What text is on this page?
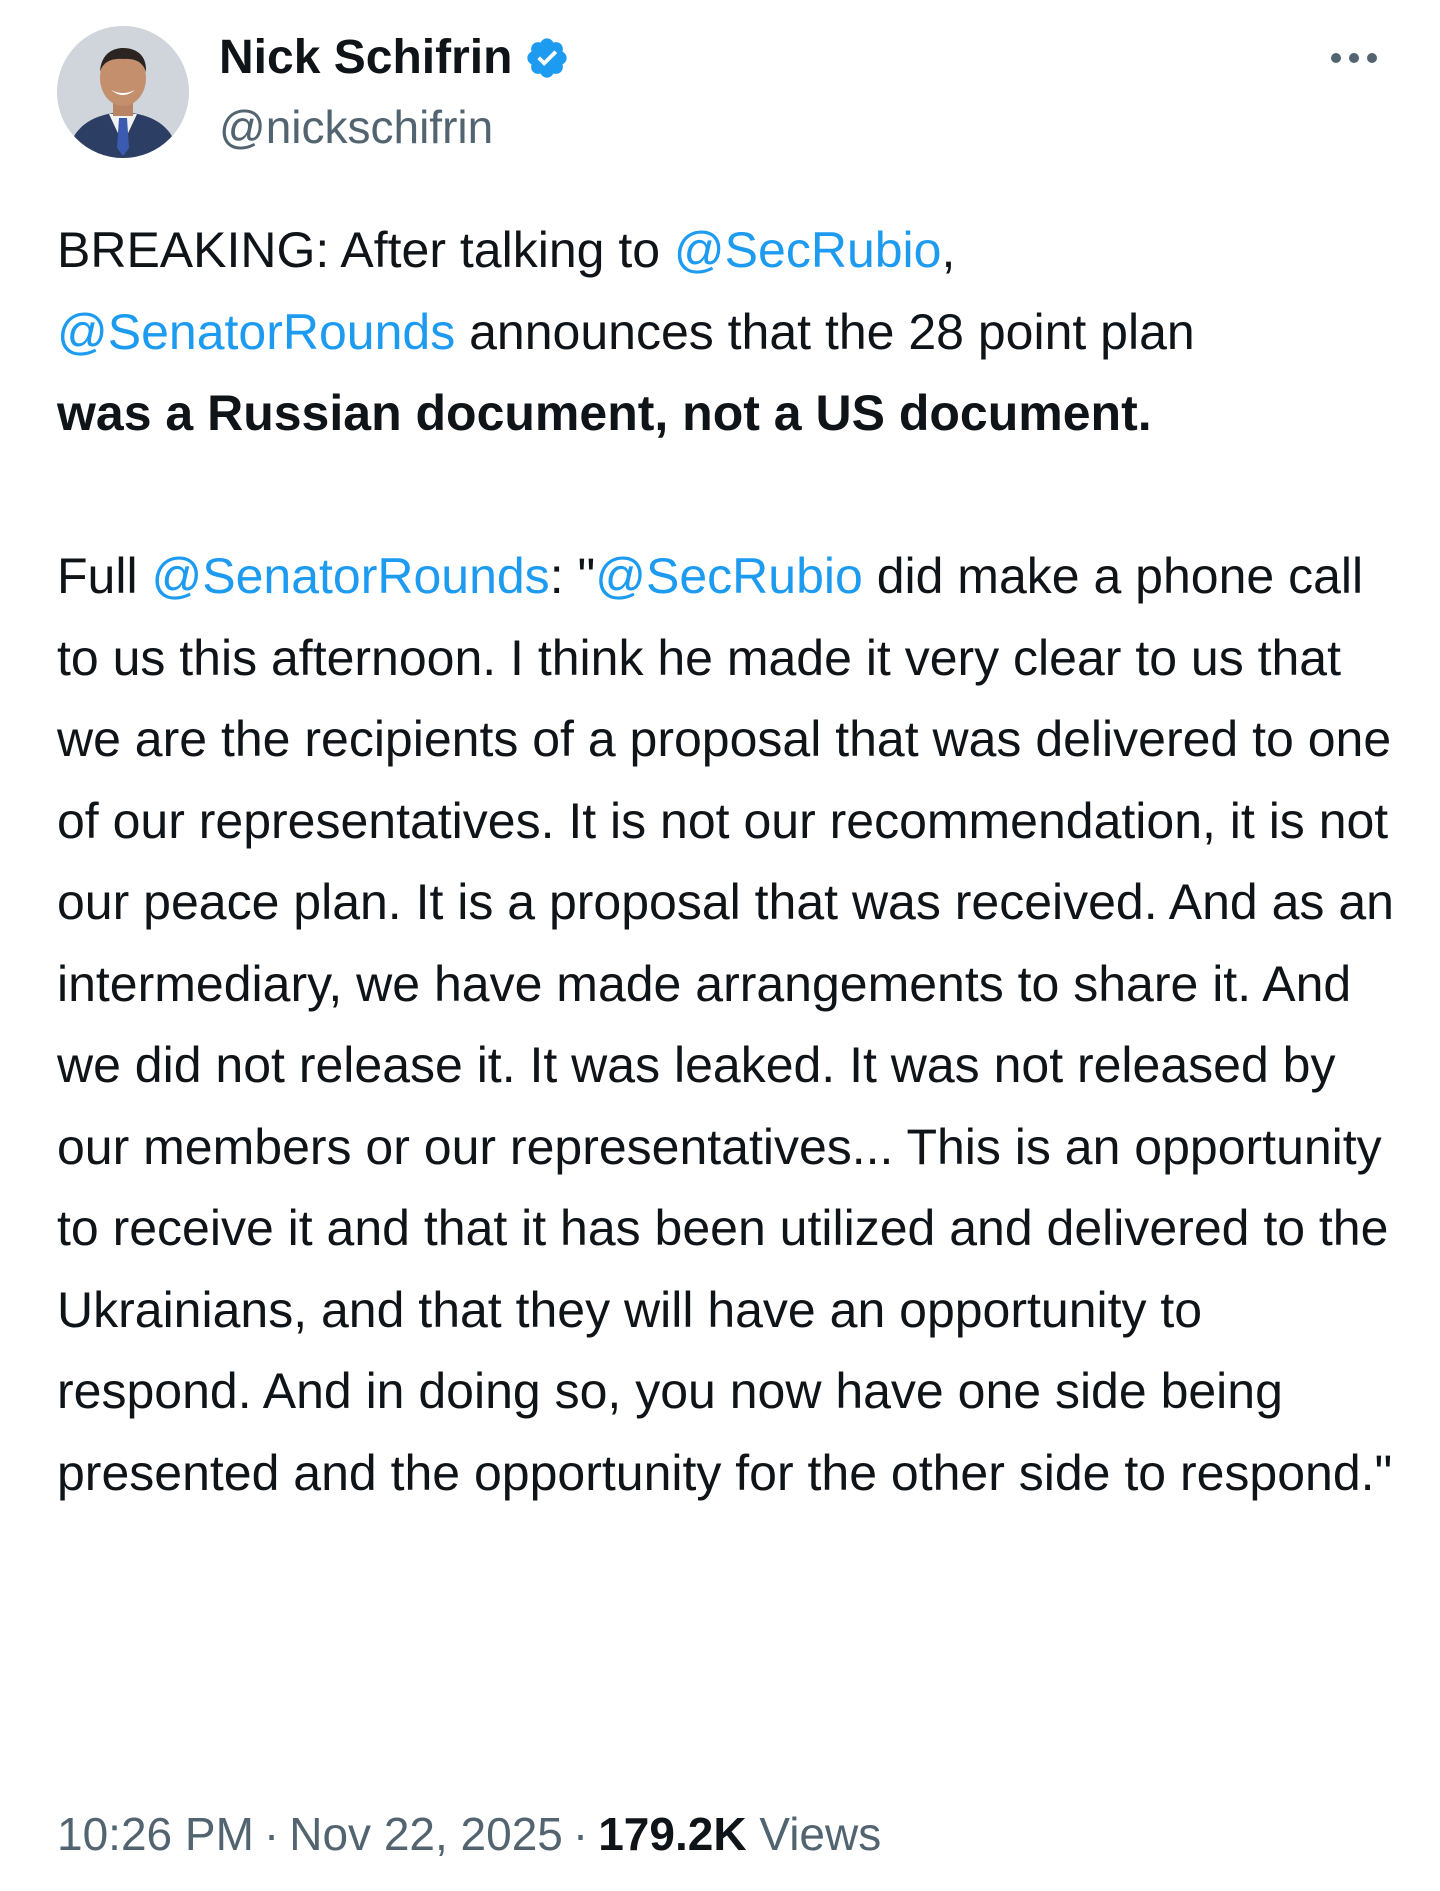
Nick Schifrin
@nickschifrin
BREAKING: After talking to @SecRubio,
@SenatorRounds announces that the 28 point plan
was a Russian document, not a US document.
Full @SenatorRounds: "@SecRubio did make a phone call to us this afternoon. I think he made it very clear to us that we are the recipients of a proposal that was delivered to one of our representatives. It is not our recommendation, it is not our peace plan. It is a proposal that was received. And as an intermediary, we have made arrangements to share it. And we did not release it. It was leaked. It was not released by our members or our representatives... This is an opportunity to receive it and that it has been utilized and delivered to the Ukrainians, and that they will have an opportunity to respond. And in doing so, you now have one side being presented and the opportunity for the other side to respond."
10:26 PM · Nov 22, 2025 · 179.2K Views
